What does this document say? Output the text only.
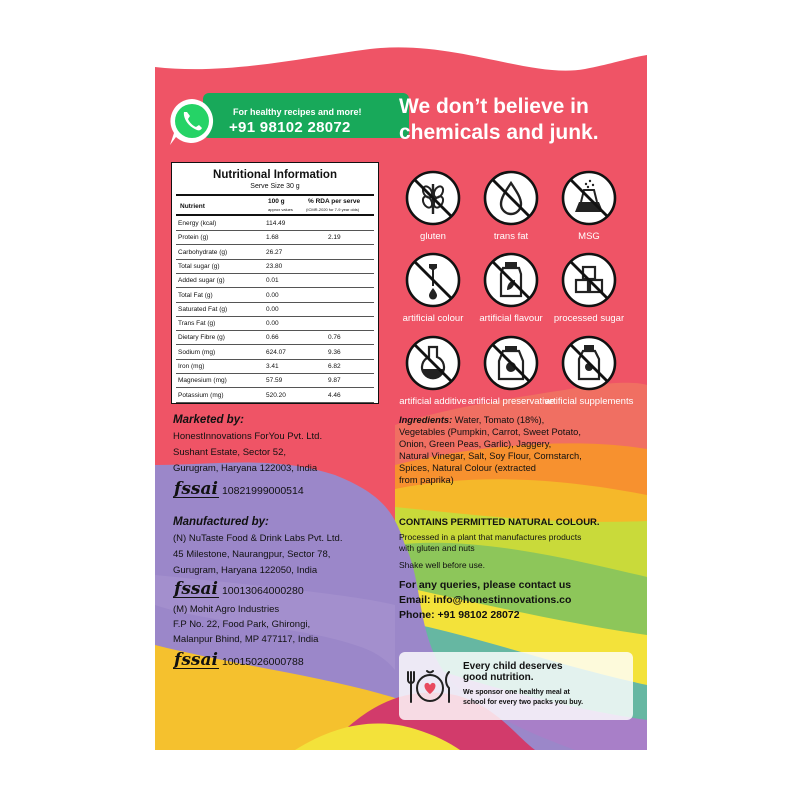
For healthy recipes and more!
+91 98102 28072
We don’t believe in
chemicals and junk.
Nutritional Information
Serve Size 30 g
Nutrient
100 g
approx values
% RDA per serve
(ICMR-2020 for 7-9 year olds)
Energy (kcal)	114.49
Protein (g)	1.68	2.19
Carbohydrate (g)	26.27
Total sugar (g)	23.80
Added sugar (g)	0.01
Total Fat (g)	0.00
Saturated Fat (g)	0.00
Trans Fat (g)	0.00
Dietary Fibre (g)	0.66	0.76
Sodium (mg)	624.07	9.36
Iron (mg)	3.41	6.82
Magnesium (mg)	57.59	9.87
Potassium (mg)	520.20	4.46
gluten	trans fat	MSG
artificial colour	artificial flavour	processed sugar
artificial additive artificial preservative
artificial supplements
Marketed by:
HonestInnovations ForYou Pvt. Ltd.
Sushant Estate, Sector 52,
Gurugram, Haryana 122003, India
fssai 10821999000514
Manufactured by:
(N) NuTaste Food & Drink Labs Pvt. Ltd.
45 Milestone, Naurangpur, Sector 78,
Gurugram, Haryana 122050, India
fssai 10013064000280
(M) Mohit Agro Industries
F.P No. 22, Food Park, Ghirongi,
Malanpur Bhind, MP 477117, India
fssai 10015026000788
Ingredients: Water, Tomato (18%),
Vegetables (Pumpkin, Carrot, Sweet Potato,
Onion, Green Peas, Garlic), Jaggery,
Natural Vinegar, Salt, Soy Flour, Cornstarch,
Spices, Natural Colour (extracted
from paprika)
CONTAINS PERMITTED NATURAL COLOUR.
Processed in a plant that manufactures products
with gluten and nuts
Shake well before use.
For any queries, please contact us
Email: info@honestinnovations.co
Phone: +91 98102 28072
Every child deserves
good nutrition.
We sponsor one healthy meal at
school for every two packs you buy.
